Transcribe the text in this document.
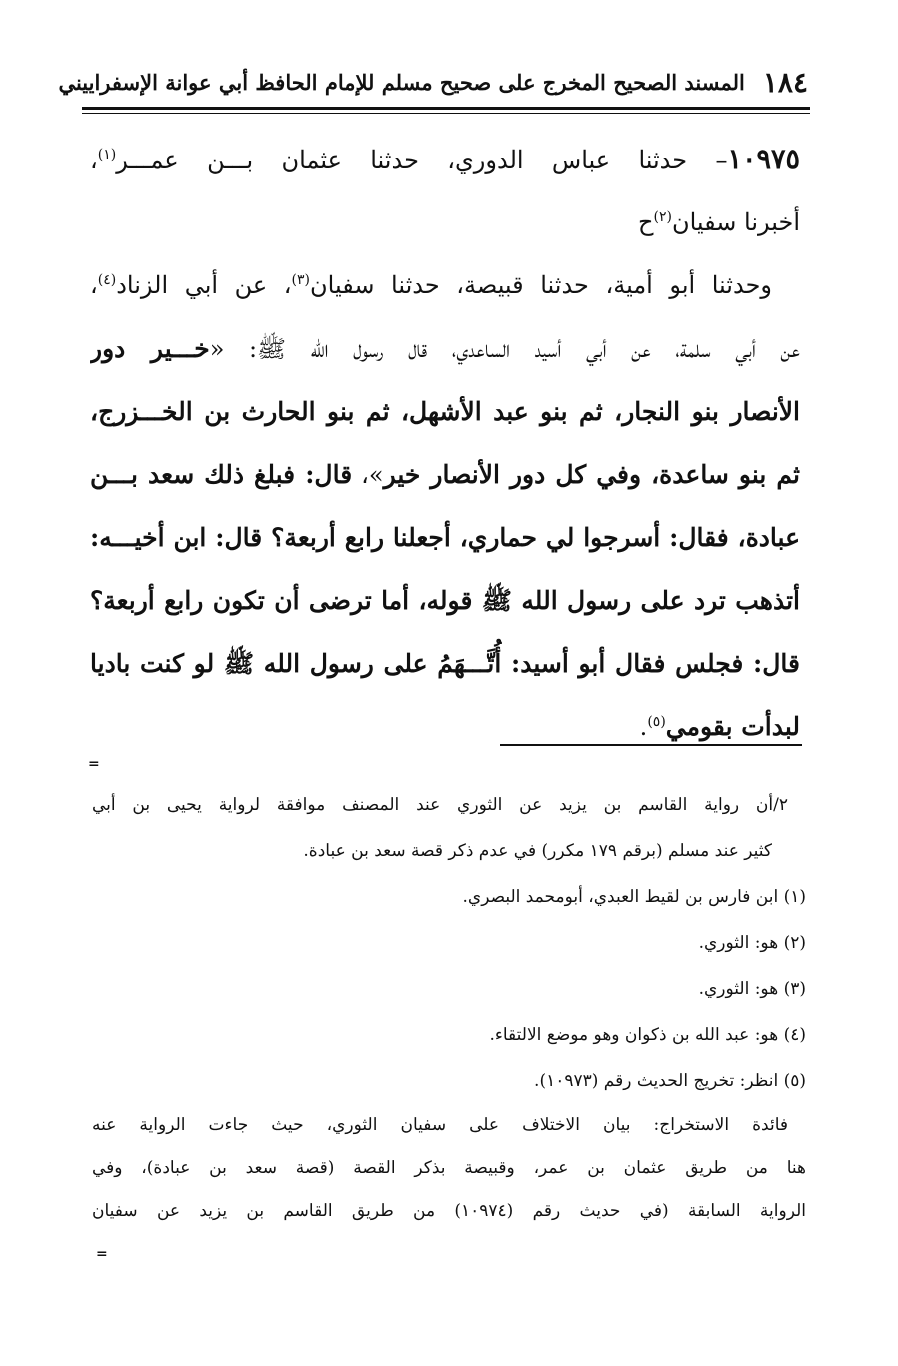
١٨٤
المسند الصحيح المخرج على صحيح مسلم للإمام الحافظ أبي عوانة الإسفراييني
١٠٩٧٥– حدثنا عباس الدوري، حدثنا عثمان بـــن عمـــر$^{(١)}$،
أخبرنا سفيان$^{(٢)}$ح
وحدثنا أبو أمية، حدثنا قبيصة، حدثنا سفيان$^{(٣)}$، عن أبي الزناد$^{(٤)}$،
عن أبي سلمة، عن أبي أسيد الساعدي، قال رسول الله ﷺ: «خـــير دور
الأنصار بنو النجار، ثم بنو عبد الأشهل، ثم بنو الحارث بن الخـــزرج،
ثم بنو ساعدة، وفي كل دور الأنصار خير»، قال: فبلغ ذلك سعد بـــن
عبادة، فقال: أسرجوا لي حماري، أجعلنا رابع أربعة؟ قال: ابن أخيـــه:
أتذهب ترد على رسول الله ﷺ قوله، أما ترضى أن تكون رابع أربعة؟
قال: فجلس فقال أبو أسيد: أُتَّـــهَمُ على رسول الله ﷺ لو كنت باديا
لبدأت بقومي$^{(٥)}$.
=
٢/أن رواية القاسم بن يزيد عن الثوري عند المصنف موافقة لرواية يحيى بن أبي
كثير عند مسلم (برقم ١٧٩ مكرر) في عدم ذكر قصة سعد بن عبادة.
(١) ابن فارس بن لقيط العبدي، أبومحمد البصري.
(٢) هو: الثوري.
(٣) هو: الثوري.
(٤) هو: عبد الله بن ذكوان وهو موضع الالتقاء.
(٥) انظر: تخريج الحديث رقم (١٠٩٧٣).
فائدة الاستخراج: بيان الاختلاف على سفيان الثوري، حيث جاءت الرواية عنه
هنا من طريق عثمان بن عمر، وقبيصة بذكر القصة (قصة سعد بن عبادة)، وفي
الرواية السابقة (في حديث رقم (١٠٩٧٤) من طريق القاسم بن يزيد عن سفيان
=
